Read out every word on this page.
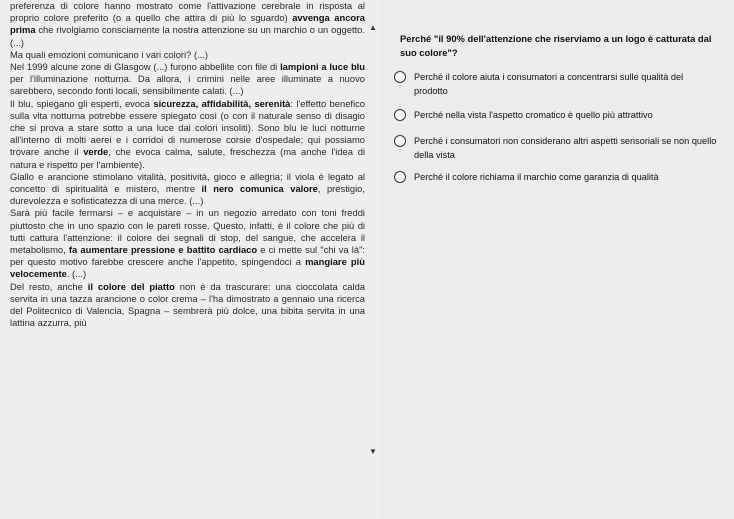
preferenza di colore hanno mostrato come l'attivazione cerebrale in risposta al proprio colore preferito (o a quello che attira di più lo sguardo) avvenga ancora prima che rivolgiamo consciamente la nostra attenzione su un marchio o un oggetto. (...)

Ma quali emozioni comunicano i vari colori? (...)

Nel 1999 alcune zone di Glasgow (...) furono abbellite con file di lampioni a luce blu per l'illuminazione notturna. Da allora, i crimini nelle aree illuminate a nuovo sarebbero, secondo fonti locali, sensibilmente calati. (...)

Il blu, spiegano gli esperti, evoca sicurezza, affidabilità, serenità: l'effetto benefico sulla vita notturna potrebbe essere spiegato così (o con il naturale senso di disagio che si prova a stare sotto a una luce dai colori insoliti). Sono blu le luci notturne all'interno di molti aerei e i corridoi di numerose corsie d'ospedale; qui possiamo trovare anche il verde, che evoca calma, salute, freschezza (ma anche l'idea di natura e rispetto per l'ambiente).

Giallo e arancione stimolano vitalità, positività, gioco e allegria; il viola è legato al concetto di spiritualità e mistero, mentre il nero comunica valore, prestigio, durevolezza e sofisticatezza di una merce. (...)

Sarà più facile fermarsi – e acquistare – in un negozio arredato con toni freddi piuttosto che in uno spazio con le pareti rosse. Questo, infatti, è il colore che più di tutti cattura l'attenzione: il colore dei segnali di stop, del sangue, che accelera il metabolismo, fa aumentare pressione e battito cardiaco e ci mette sul "chi va là": per questo motivo farebbe crescere anche l'appetito, spingendoci a mangiare più velocemente. (...)

Del resto, anche il colore del piatto non è da trascurare: una cioccolata calda servita in una tazza arancione o color crema – l'ha dimostrato a gennaio una ricerca del Politecnico di Valencia, Spagna – sembrerà più dolce, una bibita servita in una lattina azzurra, più

▲
▼
Perché "il 90% dell'attenzione che riserviamo a un logo è catturata dal suo colore"?
Perché il colore aiuta i consumatori a concentrarsi sulle qualità del prodotto
Perché nella vista l'aspetto cromatico è quello più attrattivo
Perché i consumatori non considerano altri aspetti sensoriali se non quello della vista
Perché il colore richiama il marchio come garanzia di qualità
